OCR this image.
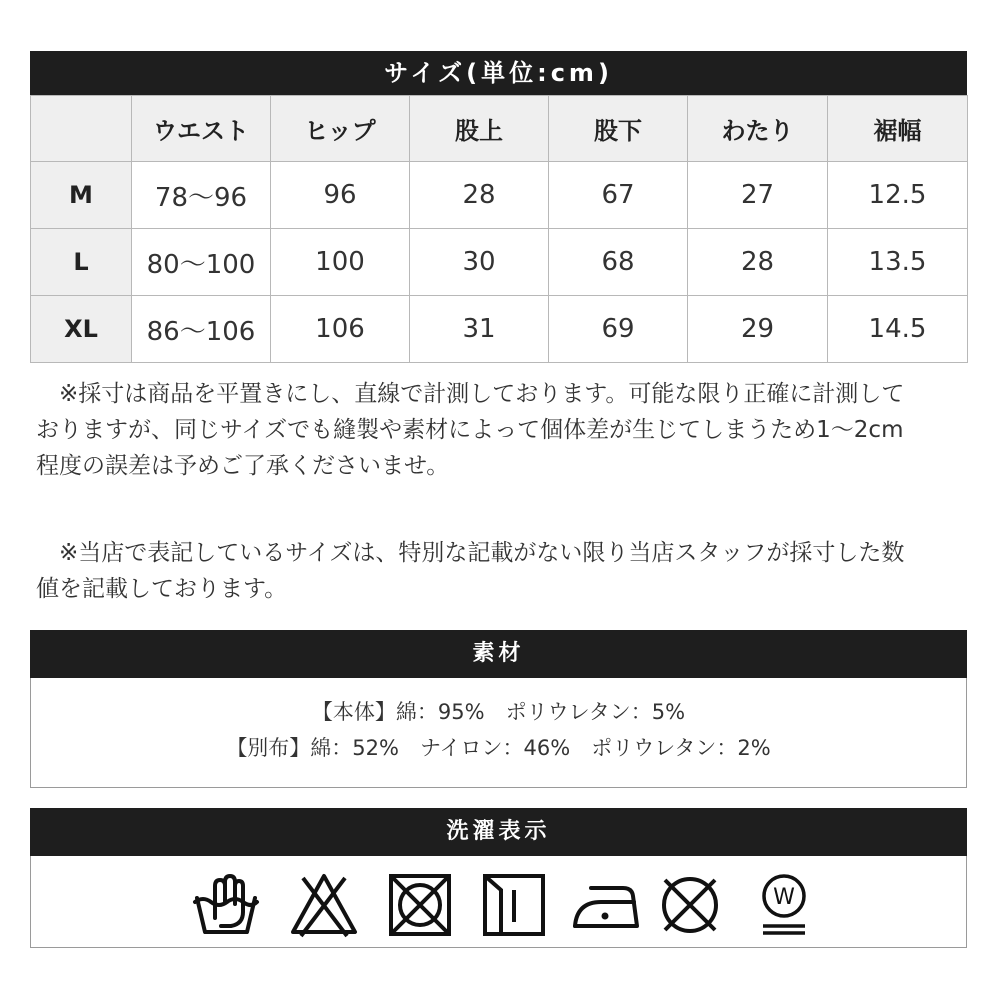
サイズ(単位:cm)
	ウエスト	ヒップ	股上	股下	わたり	裾幅
M	78〜96	96	28	67	27	12.5
L	80〜100	100	30	68	28	13.5
XL	86〜106	106	31	69	29	14.5
　※採寸は商品を平置きにし、直線で計測しております。可能な限り正確に計測して
おりますが、同じサイズでも縫製や素材によって個体差が生じてしまうため1〜2cm
程度の誤差は予めご了承くださいませ。
　※当店で表記しているサイズは、特別な記載がない限り当店スタッフが採寸した数
値を記載しております。
素材
【本体】綿：95%　ポリウレタン：5%
【別布】綿：52%　ナイロン：46%　ポリウレタン：2%
洗濯表示
W
